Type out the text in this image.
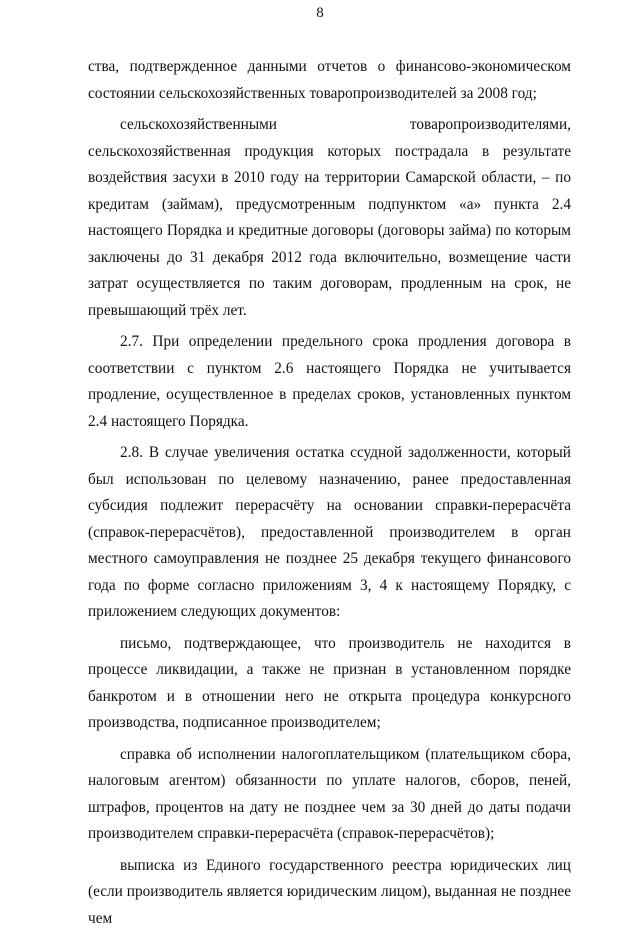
8

ства, подтвержденное данными отчетов о финансово-экономическом состоянии сельскохозяйственных товаропроизводителей за 2008 год;

сельскохозяйственными товаропроизводителями, сельскохозяйственная продукция которых пострадала в результате воздействия засухи в 2010 году на территории Самарской области, – по кредитам (займам), предусмотренным подпунктом «а» пункта 2.4 настоящего Порядка и кредитные договоры (договоры займа) по которым заключены до 31 декабря 2012 года включительно, возмещение части затрат осуществляется по таким договорам, продленным на срок, не превышающий трёх лет.

2.7. При определении предельного срока продления договора в соответствии с пунктом 2.6 настоящего Порядка не учитывается продление, осуществленное в пределах сроков, установленных пунктом 2.4 настоящего Порядка.

2.8. В случае увеличения остатка ссудной задолженности, который был использован по целевому назначению, ранее предоставленная субсидия подлежит перерасчёту на основании справки-перерасчёта (справок-перерасчётов), предоставленной производителем в орган местного самоуправления не позднее 25 декабря текущего финансового года по форме согласно приложениям 3, 4 к настоящему Порядку, с приложением следующих документов:

письмо, подтверждающее, что производитель не находится в процессе ликвидации, а также не признан в установленном порядке банкротом и в отношении него не открыта процедура конкурсного производства, подписанное производителем;

справка об исполнении налогоплательщиком (плательщиком сбора, налоговым агентом) обязанности по уплате налогов, сборов, пеней, штрафов, процентов на дату не позднее чем за 30 дней до даты подачи производителем справки-перерасчёта (справок-перерасчётов);

выписка из Единого государственного реестра юридических лиц (если производитель является юридическим лицом), выданная не позднее чем
